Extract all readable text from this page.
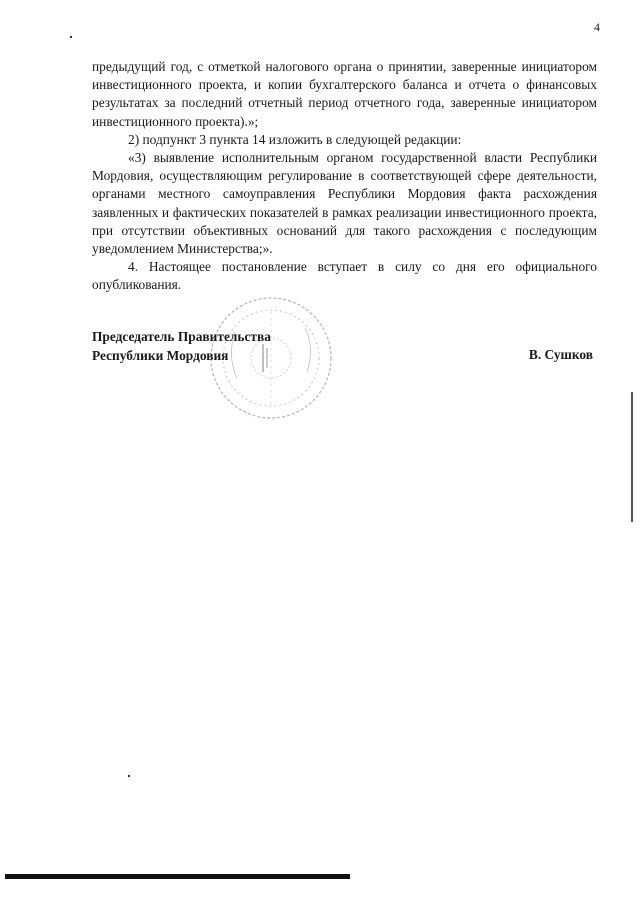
4

предыдущий год, с отметкой налогового органа о принятии, заверенные инициатором инвестиционного проекта, и копии бухгалтерского баланса и отчета о финансовых результатах за последний отчетный период отчетного года, заверенные инициатором инвестиционного проекта).»;

2) подпункт 3 пункта 14 изложить в следующей редакции:

«3) выявление исполнительным органом государственной власти Республики Мордовия, осуществляющим регулирование в соответствующей сфере деятельности, органами местного самоуправления Республики Мордовия факта расхождения заявленных и фактических показателей в рамках реализации инвестиционного проекта, при отсутствии объективных оснований для такого расхождения с последующим уведомлением Министерства;».

4. Настоящее постановление вступает в силу со дня его официального опубликования.

Председатель Правительства
Республики Мордовия	В. Сушков
